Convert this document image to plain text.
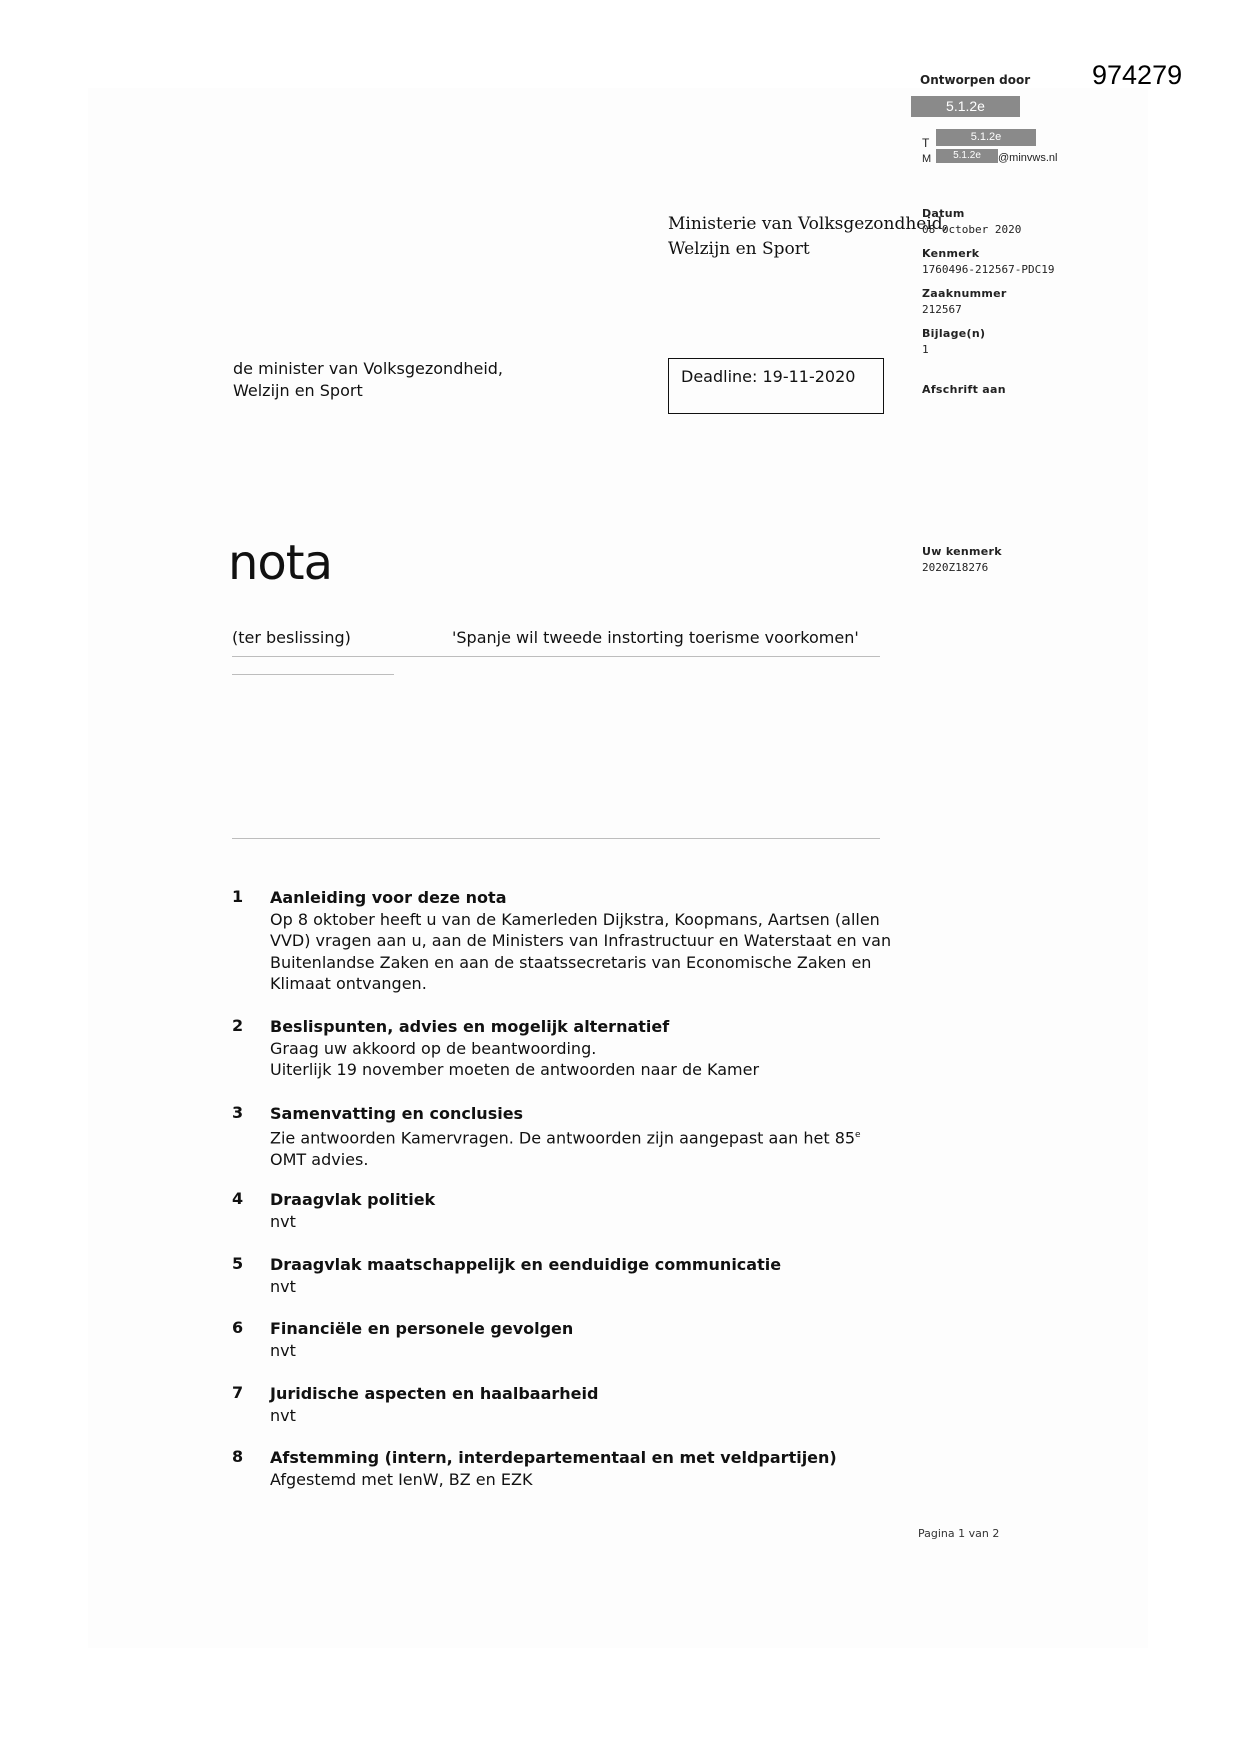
974279
Ontworpen door
5.1.2e
T	5.1.2e
M	5.1.2e	@minvws.nl
Ministerie van Volksgezondheid,
Welzijn en Sport
Datum
08 October 2020
Kenmerk
1760496-212567-PDC19
Zaaknummer
212567
Bijlage(n)
1
Afschrift aan
Uw kenmerk
2020Z18276
de minister van Volksgezondheid,
Welzijn en Sport
Deadline: 19-11-2020
nota
(ter beslissing)	'Spanje wil tweede instorting toerisme voorkomen'
1 Aanleiding voor deze nota
Op 8 oktober heeft u van de Kamerleden Dijkstra, Koopmans, Aartsen (allen
VVD) vragen aan u, aan de Ministers van Infrastructuur en Waterstaat en van
Buitenlandse Zaken en aan de staatssecretaris van Economische Zaken en
Klimaat ontvangen.
2 Beslispunten, advies en mogelijk alternatief
Graag uw akkoord op de beantwoording.
Uiterlijk 19 november moeten de antwoorden naar de Kamer
3 Samenvatting en conclusies
Zie antwoorden Kamervragen. De antwoorden zijn aangepast aan het 85e
OMT advies.
4 Draagvlak politiek
nvt
5 Draagvlak maatschappelijk en eenduidige communicatie
nvt
6 Financiële en personele gevolgen
nvt
7 Juridische aspecten en haalbaarheid
nvt
8 Afstemming (intern, interdepartementaal en met veldpartijen)
Afgestemd met IenW, BZ en EZK
Pagina 1 van 2
